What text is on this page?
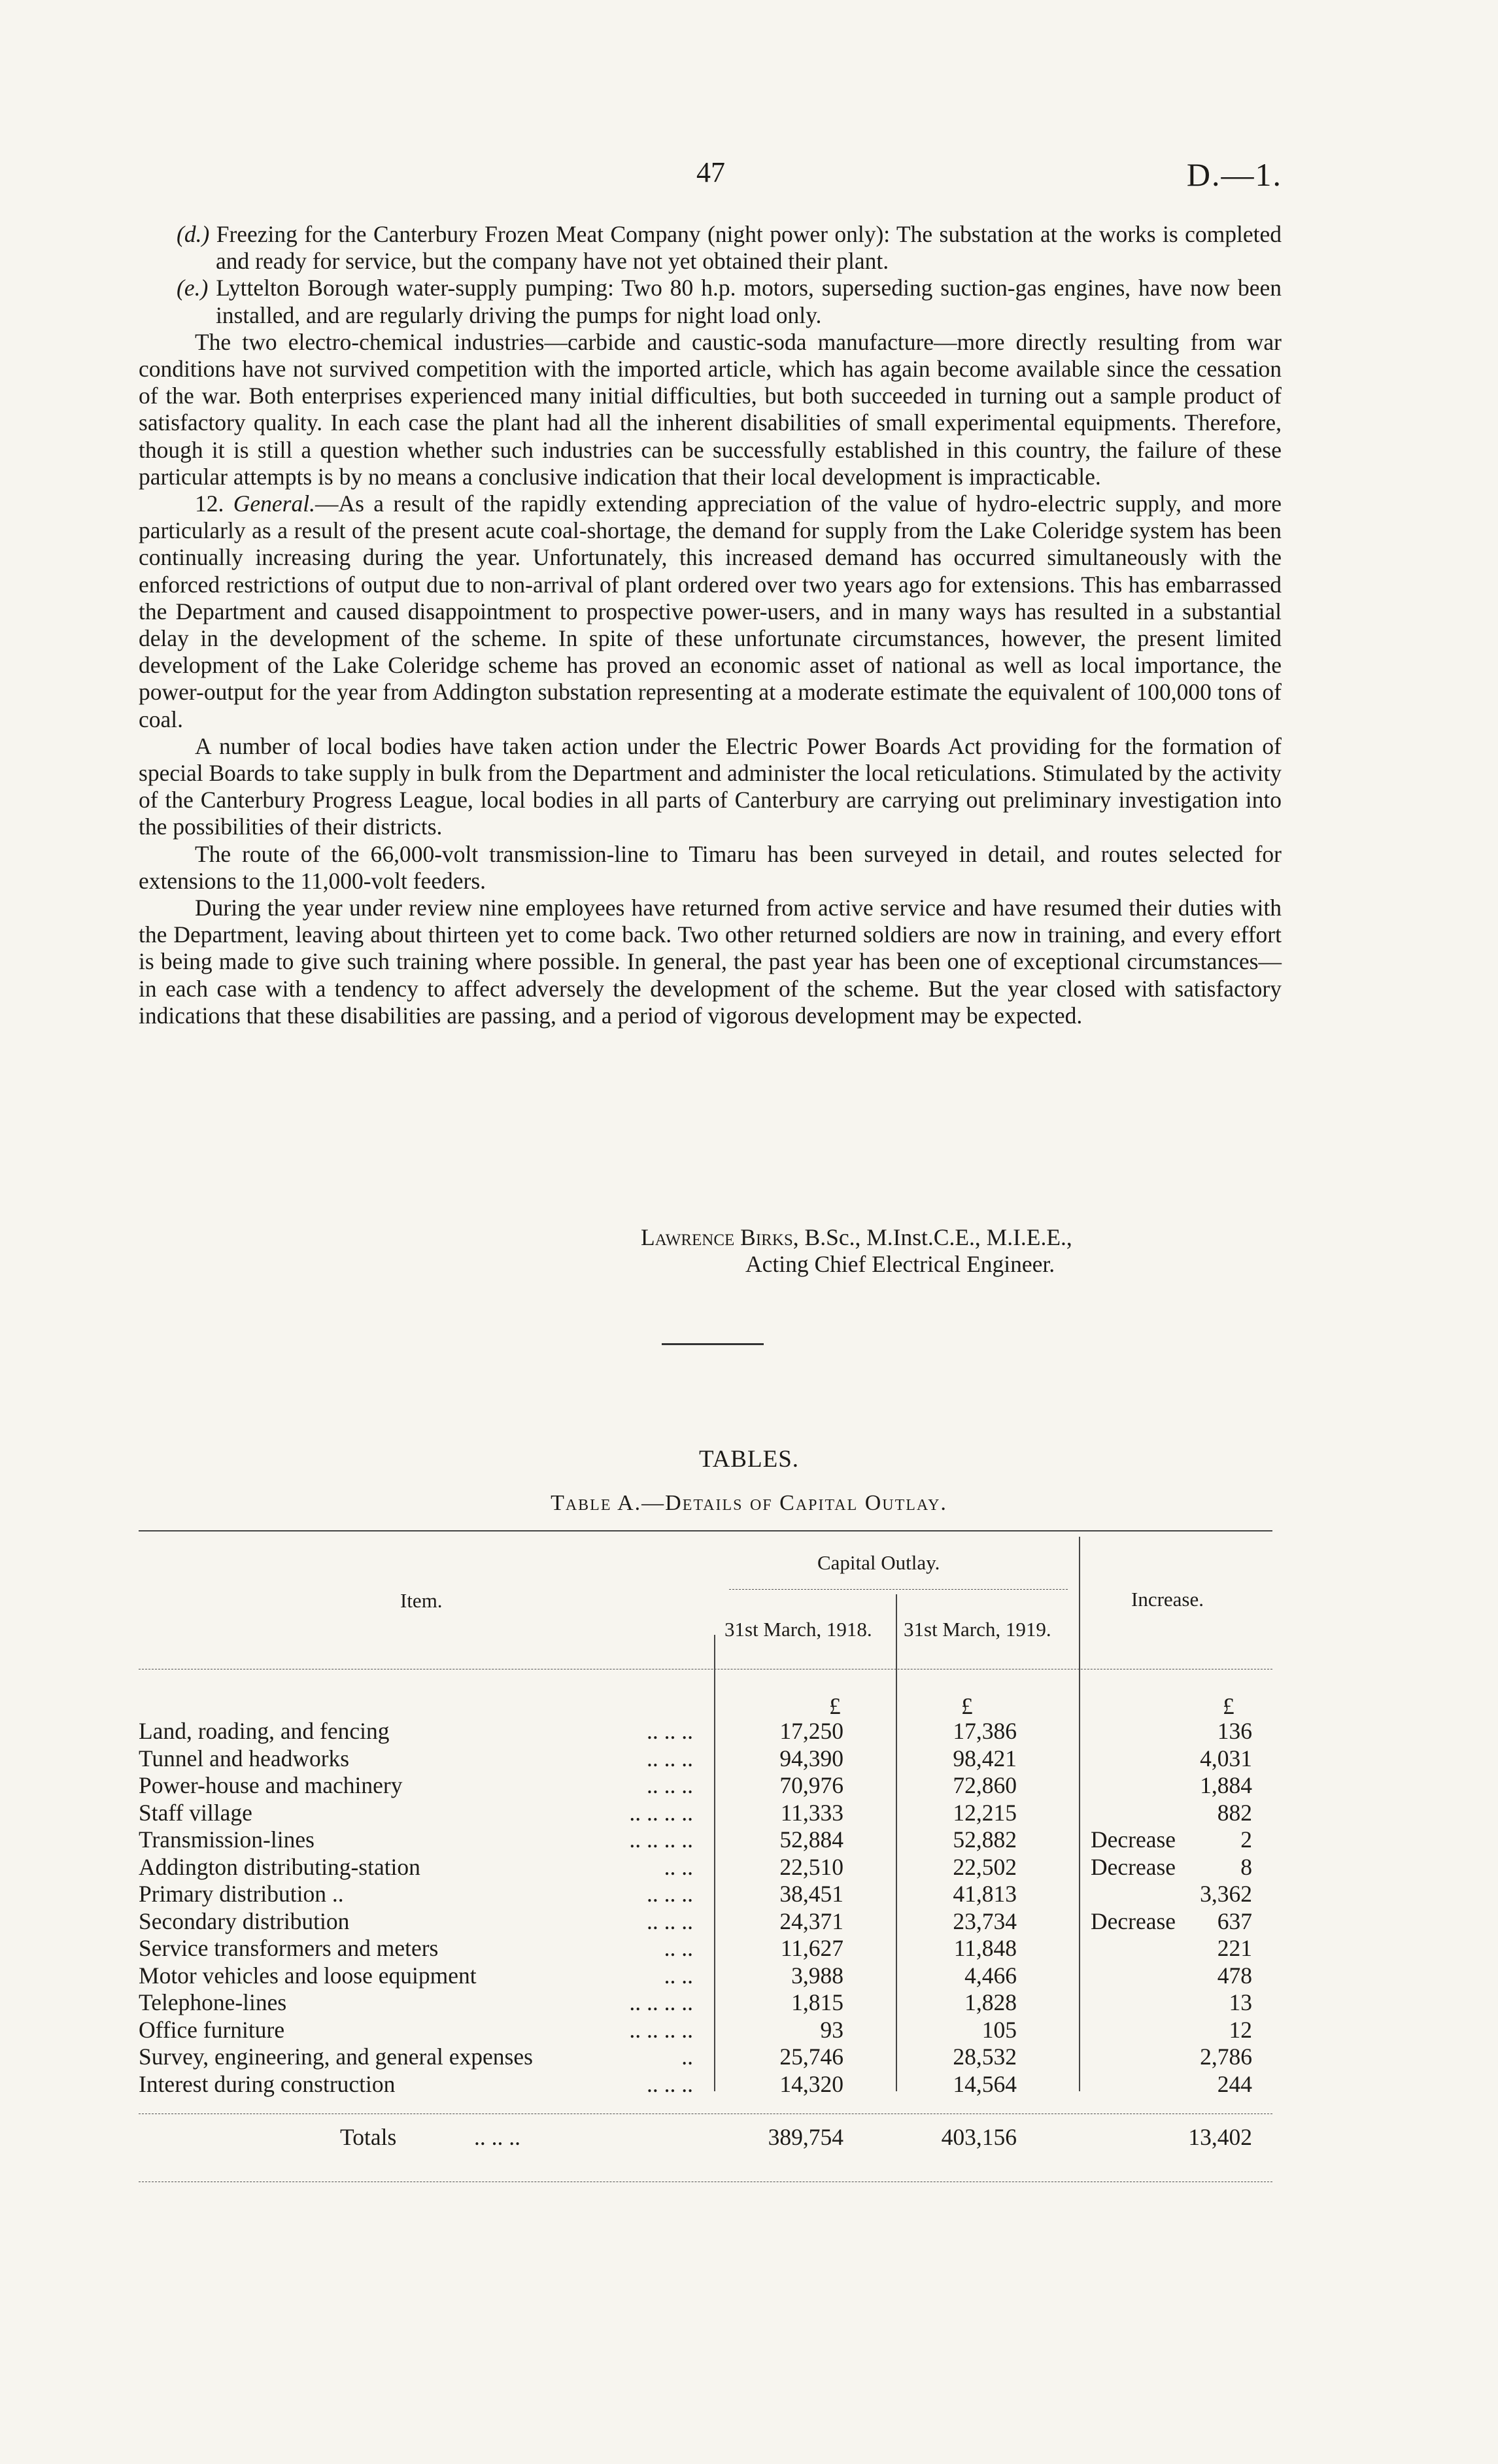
47	D.—1.

(d.) Freezing for the Canterbury Frozen Meat Company (night power only): The substation at the works is completed and ready for service, but the company have not yet obtained their plant.

(e.) Lyttelton Borough water-supply pumping: Two 80 h.p. motors, superseding suction-gas engines, have now been installed, and are regularly driving the pumps for night load only.

The two electro-chemical industries—carbide and caustic-soda manufacture—more directly resulting from war conditions have not survived competition with the imported article, which has again become available since the cessation of the war. Both enterprises experienced many initial difficulties, but both succeeded in turning out a sample product of satisfactory quality. In each case the plant had all the inherent disabilities of small experimental equipments. Therefore, though it is still a question whether such industries can be successfully established in this country, the failure of these particular attempts is by no means a conclusive indication that their local development is impracticable.

12. General.—As a result of the rapidly extending appreciation of the value of hydro-electric supply, and more particularly as a result of the present acute coal-shortage, the demand for supply from the Lake Coleridge system has been continually increasing during the year. Unfortunately, this increased demand has occurred simultaneously with the enforced restrictions of output due to non-arrival of plant ordered over two years ago for extensions. This has embarrassed the Department and caused disappointment to prospective power-users, and in many ways has resulted in a substantial delay in the development of the scheme. In spite of these unfortunate circumstances, however, the present limited development of the Lake Coleridge scheme has proved an economic asset of national as well as local importance, the power-output for the year from Addington substation representing at a moderate estimate the equivalent of 100,000 tons of coal.

A number of local bodies have taken action under the Electric Power Boards Act providing for the formation of special Boards to take supply in bulk from the Department and administer the local reticulations. Stimulated by the activity of the Canterbury Progress League, local bodies in all parts of Canterbury are carrying out preliminary investigation into the possibilities of their districts.

The route of the 66,000-volt transmission-line to Timaru has been surveyed in detail, and routes selected for extensions to the 11,000-volt feeders.

During the year under review nine employees have returned from active service and have resumed their duties with the Department, leaving about thirteen yet to come back. Two other returned soldiers are now in training, and every effort is being made to give such training where possible. In general, the past year has been one of exceptional circumstances—in each case with a tendency to affect adversely the development of the scheme. But the year closed with satisfactory indications that these disabilities are passing, and a period of vigorous development may be expected.

Lawrence Birks, B.Sc., M.Inst.C.E., M.I.E.E.,
Acting Chief Electrical Engineer.
TABLES.
Table A.—Details of Capital Outlay.
Item.
Capital Outlay.
31st March, 1918. 31st March, 1919.
Increase.
£	£	£
Land, roading, and fencing	.. .. ..	17,250	17,386	136
Tunnel and headworks	.. .. ..	94,390	98,421	4,031
Power-house and machinery	.. .. ..	70,976	72,860	1,884
Staff village	.. .. .. ..	11,333	12,215	882
Transmission-lines	.. .. .. ..	52,884	52,882	Decrease	2
Addington distributing-station	.. ..	22,510	22,502	Decrease	8
Primary distribution ..	.. .. ..	38,451	41,813	3,362
Secondary distribution	.. .. ..	24,371	23,734	Decrease	637
Service transformers and meters	.. ..	11,627	11,848	221
Motor vehicles and loose equipment	.. ..	3,988	4,466	478
Telephone-lines	.. .. .. ..	1,815	1,828	13
Office furniture	.. .. .. ..	93	105	12
Survey, engineering, and general expenses	..	25,746	28,532	2,786
Interest during construction	.. .. ..	14,320	14,564	244
Totals	.. .. ..	389,754	403,156	13,402
